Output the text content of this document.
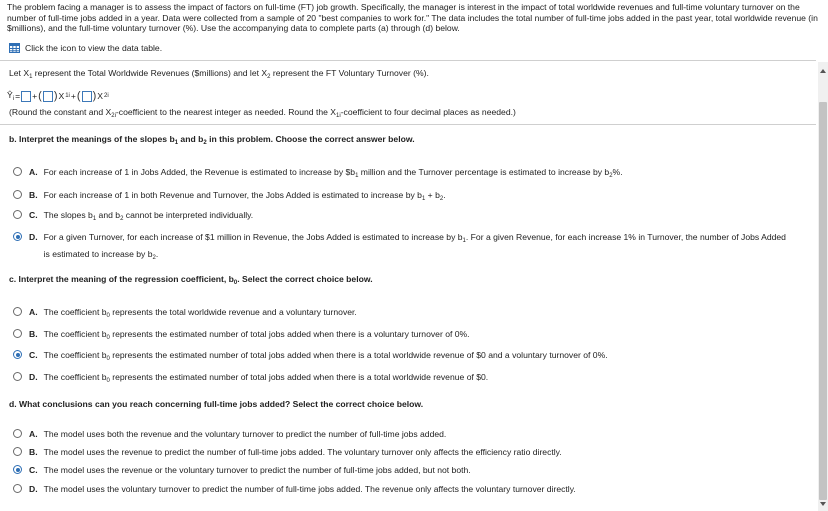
The problem facing a manager is to assess the impact of factors on full-time (FT) job growth. Specifically, the manager is interest in the impact of total worldwide revenues and full-time voluntary turnover on the number of full-time jobs added in a year. Data were collected from a sample of 20 "best companies to work for." The data includes the total number of full-time jobs added in the past year, total worldwide revenue (in $millions), and the full-time voluntary turnover (%). Use the accompanying data to complete parts (a) through (d) below.
Click the icon to view the data table.
Let $X_1$ represent the Total Worldwide Revenues ($millions) and let $X_2$ represent the FT Voluntary Turnover (%).
$Ŷ_i$ = + ( ) X 1i + ( ) X 2i
(Round the constant and $X_{2i}$-coefficient to the nearest integer as needed. Round the $X_{1i}$-coefficient to four decimal places as needed.)
b. Interpret the meanings of the slopes $b_1$ and $b_2$ in this problem. Choose the correct answer below.
A. For each increase of 1 in Jobs Added, the Revenue is estimated to increase by $\$b_1$ million and the Turnover percentage is estimated to increase by $b_2\%$.
B. For each increase of 1 in both Revenue and Turnover, the Jobs Added is estimated to increase by $b_1 + b_2$.
C. The slopes $b_1$ and $b_2$ cannot be interpreted individually.
D. For a given Turnover, for each increase of $1 million in Revenue, the Jobs Added is estimated to increase by $b_1$. For a given Revenue, for each increase 1% in Turnover, the number of Jobs Added is estimated to increase by $b_2$.
c. Interpret the meaning of the regression coefficient, $b_0$. Select the correct choice below.
A. The coefficient $b_0$ represents the total worldwide revenue and a voluntary turnover.
B. The coefficient $b_0$ represents the estimated number of total jobs added when there is a voluntary turnover of 0%.
C. The coefficient $b_0$ represents the estimated number of total jobs added when there is a total worldwide revenue of $0 and a voluntary turnover of 0%.
D. The coefficient $b_0$ represents the estimated number of total jobs added when there is a total worldwide revenue of $0.
d. What conclusions can you reach concerning full-time jobs added? Select the correct choice below.
A. The model uses both the revenue and the voluntary turnover to predict the number of full-time jobs added.
B. The model uses the revenue to predict the number of full-time jobs added. The voluntary turnover only affects the efficiency ratio directly.
C. The model uses the revenue or the voluntary turnover to predict the number of full-time jobs added, but not both.
D. The model uses the voluntary turnover to predict the number of full-time jobs added. The revenue only affects the voluntary turnover directly.
